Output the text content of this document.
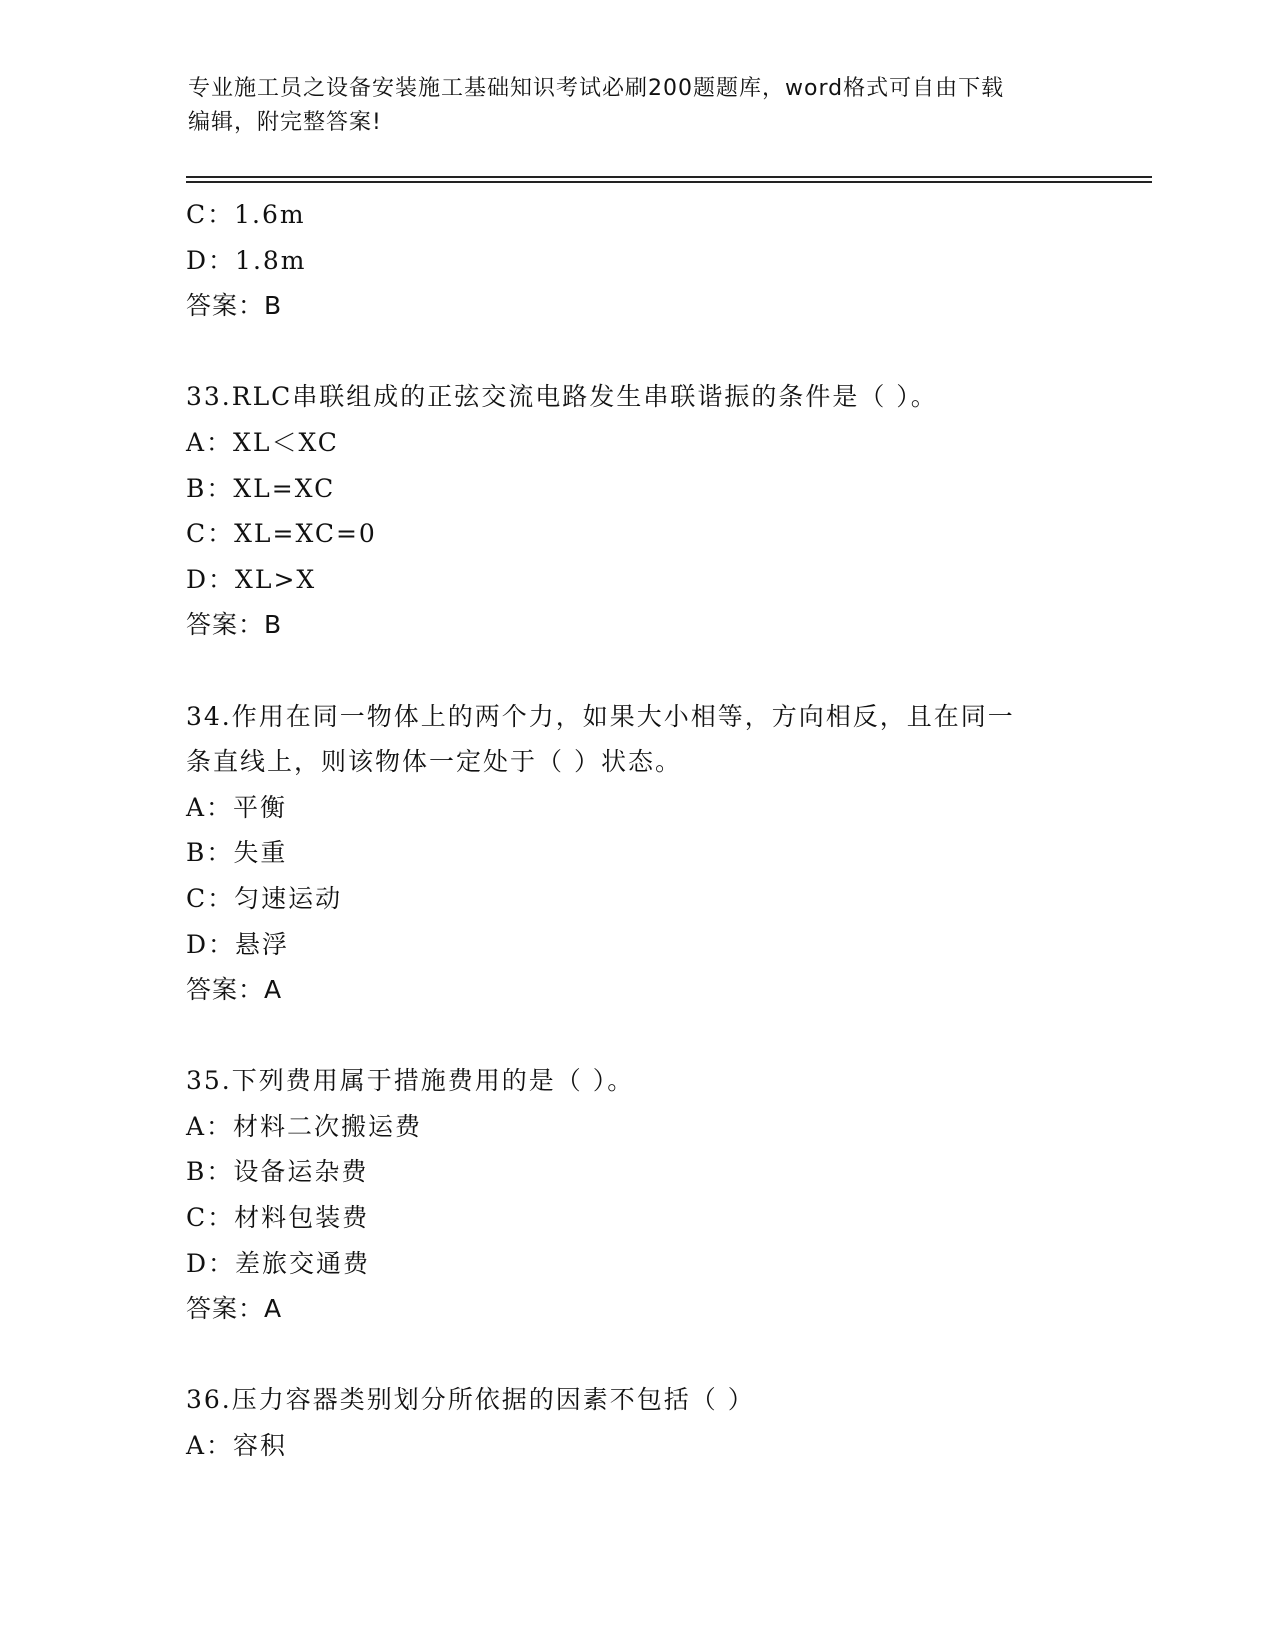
专业施工员之设备安装施工基础知识考试必刷200题题库，word格式可自由下载
编辑，附完整答案!
C：1.6m
D：1.8m
答案：B
33.RLC串联组成的正弦交流电路发生串联谐振的条件是（ ）。
A：XL＜XC
B：XL=XC
C：XL=XC=0
D：XL>X
答案：B
34.作用在同一物体上的两个力，如果大小相等，方向相反，且在同一
条直线上，则该物体一定处于（ ）状态。
A：平衡
B：失重
C：匀速运动
D：悬浮
答案：A
35.下列费用属于措施费用的是（ ）。
A：材料二次搬运费
B：设备运杂费
C：材料包装费
D：差旅交通费
答案：A
36.压力容器类别划分所依据的因素不包括（ ）
A：容积
